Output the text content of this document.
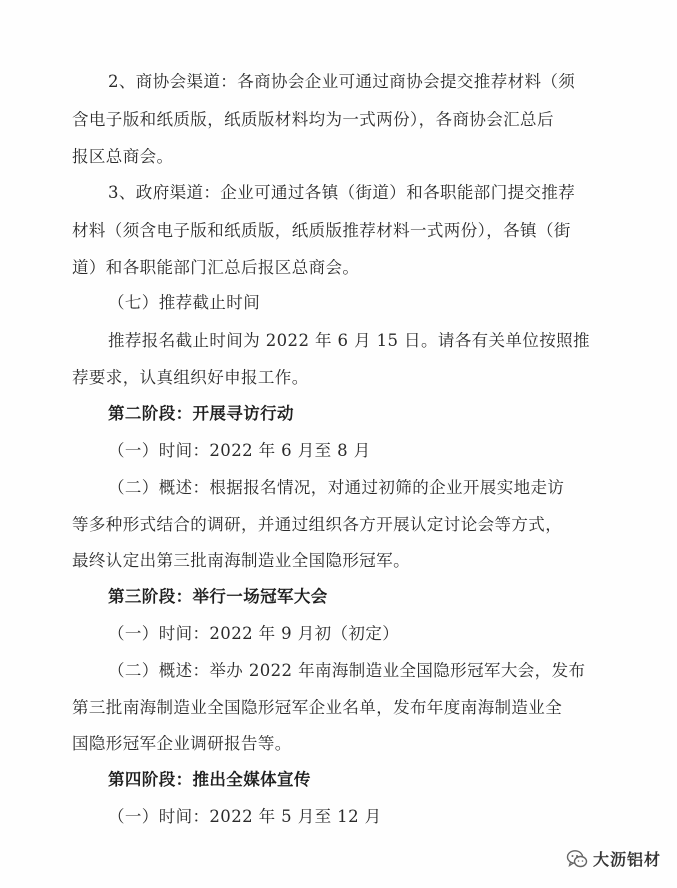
2、商协会渠道：各商协会企业可通过商协会提交推荐材料（须
含电子版和纸质版，纸质版材料均为一式两份），各商协会汇总后
报区总商会。
3、政府渠道：企业可通过各镇（街道）和各职能部门提交推荐
材料（须含电子版和纸质版，纸质版推荐材料一式两份），各镇（街
道）和各职能部门汇总后报区总商会。
（七）推荐截止时间
推荐报名截止时间为 2022 年 6 月 15 日。请各有关单位按照推
荐要求，认真组织好申报工作。
第二阶段：开展寻访行动
（一）时间：2022 年 6 月至 8 月
（二）概述：根据报名情况，对通过初筛的企业开展实地走访
等多种形式结合的调研，并通过组织各方开展认定讨论会等方式，
最终认定出第三批南海制造业全国隐形冠军。
第三阶段：举行一场冠军大会
（一）时间：2022 年 9 月初（初定）
（二）概述：举办 2022 年南海制造业全国隐形冠军大会，发布
第三批南海制造业全国隐形冠军企业名单，发布年度南海制造业全
国隐形冠军企业调研报告等。
第四阶段：推出全媒体宣传
（一）时间：2022 年 5 月至 12 月
大沥铝材
